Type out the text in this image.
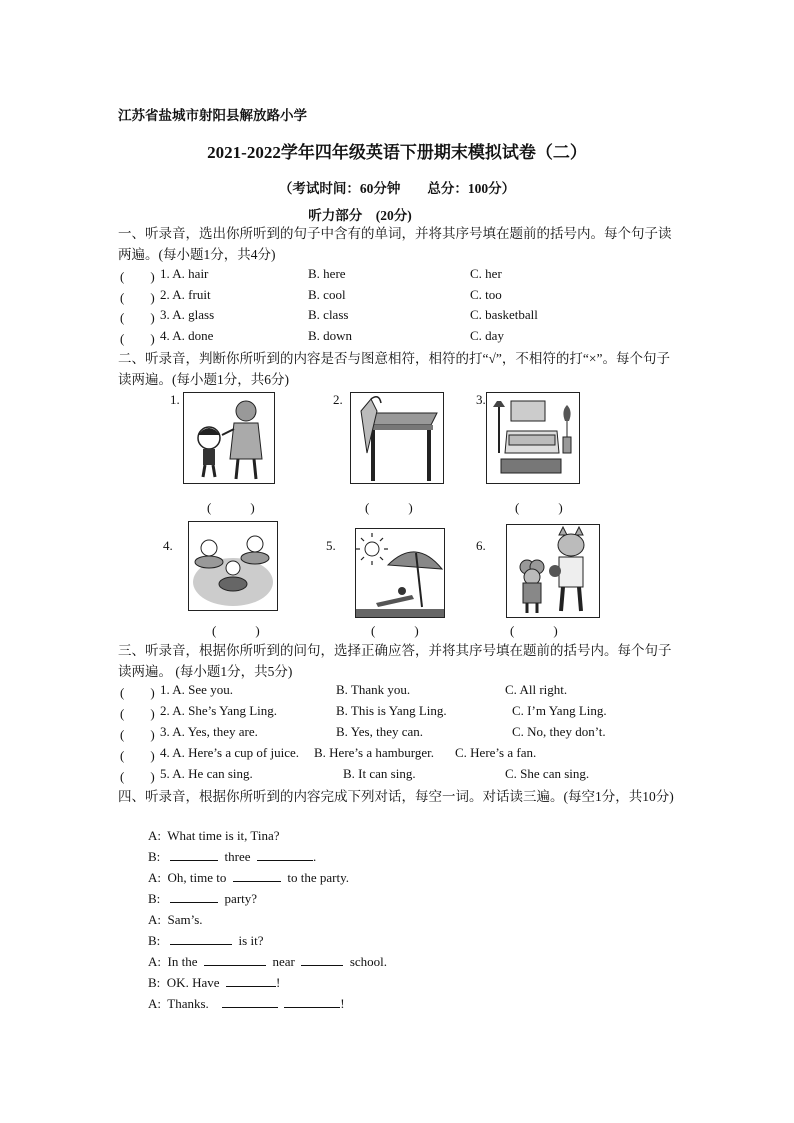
江苏省盐城市射阳县解放路小学
2021-2022学年四年级英语下册期末模拟试卷（二）
（考试时间：60分钟　　总分：100分）
听力部分　(20分)
一、听录音，选出你所听到的句子中含有的单词，并将其序号填在题前的括号内。每个句子读两遍。(每小题1分，共4分)
(　　) 1. A. hair	B. here	C. her
(　　) 2. A. fruit	B. cool	C. too
(　　) 3. A. glass	B. class	C. basketball
(　　) 4. A. done	B. down	C. day
二、听录音，判断你所听到的内容是否与图意相符，相符的打“√”，不相符的打“×”。每个句子读两遍。(每小题1分，共6分)
1.
(　　　)
2.
(　　　)
3.
(　　　)
4.
(　　　)
5.
(　　　)
6.
(　　　)
三、听录音，根据你所听到的问句，选择正确应答，并将其序号填在题前的括号内。每个句子读两遍。 (每小题1分，共5分)
(　　) 1. A. See you.	B. Thank you.	C. All right.
(　　) 2. A. She’s Yang Ling.	B. This is Yang Ling.	C. I’m Yang Ling.
(　　) 3. A. Yes, they are.	B. Yes, they can.	C. No, they don’t.
(　　) 4. A. Here’s a cup of juice. B. Here’s a hamburger. C. Here’s a fan.
(　　) 5. A. He can sing.	B. It can sing.	C. She can sing.
四、听录音，根据你所听到的内容完成下列对话，每空一词。对话读三遍。(每空1分，共10分)
A: What time is it, Tina?
B:	three	.
A: Oh, time to	to the party.
B:	party?
A: Sam’s.
B:	is it?
A: In the	near	school.
B: OK. Have	!
A: Thanks.	!
